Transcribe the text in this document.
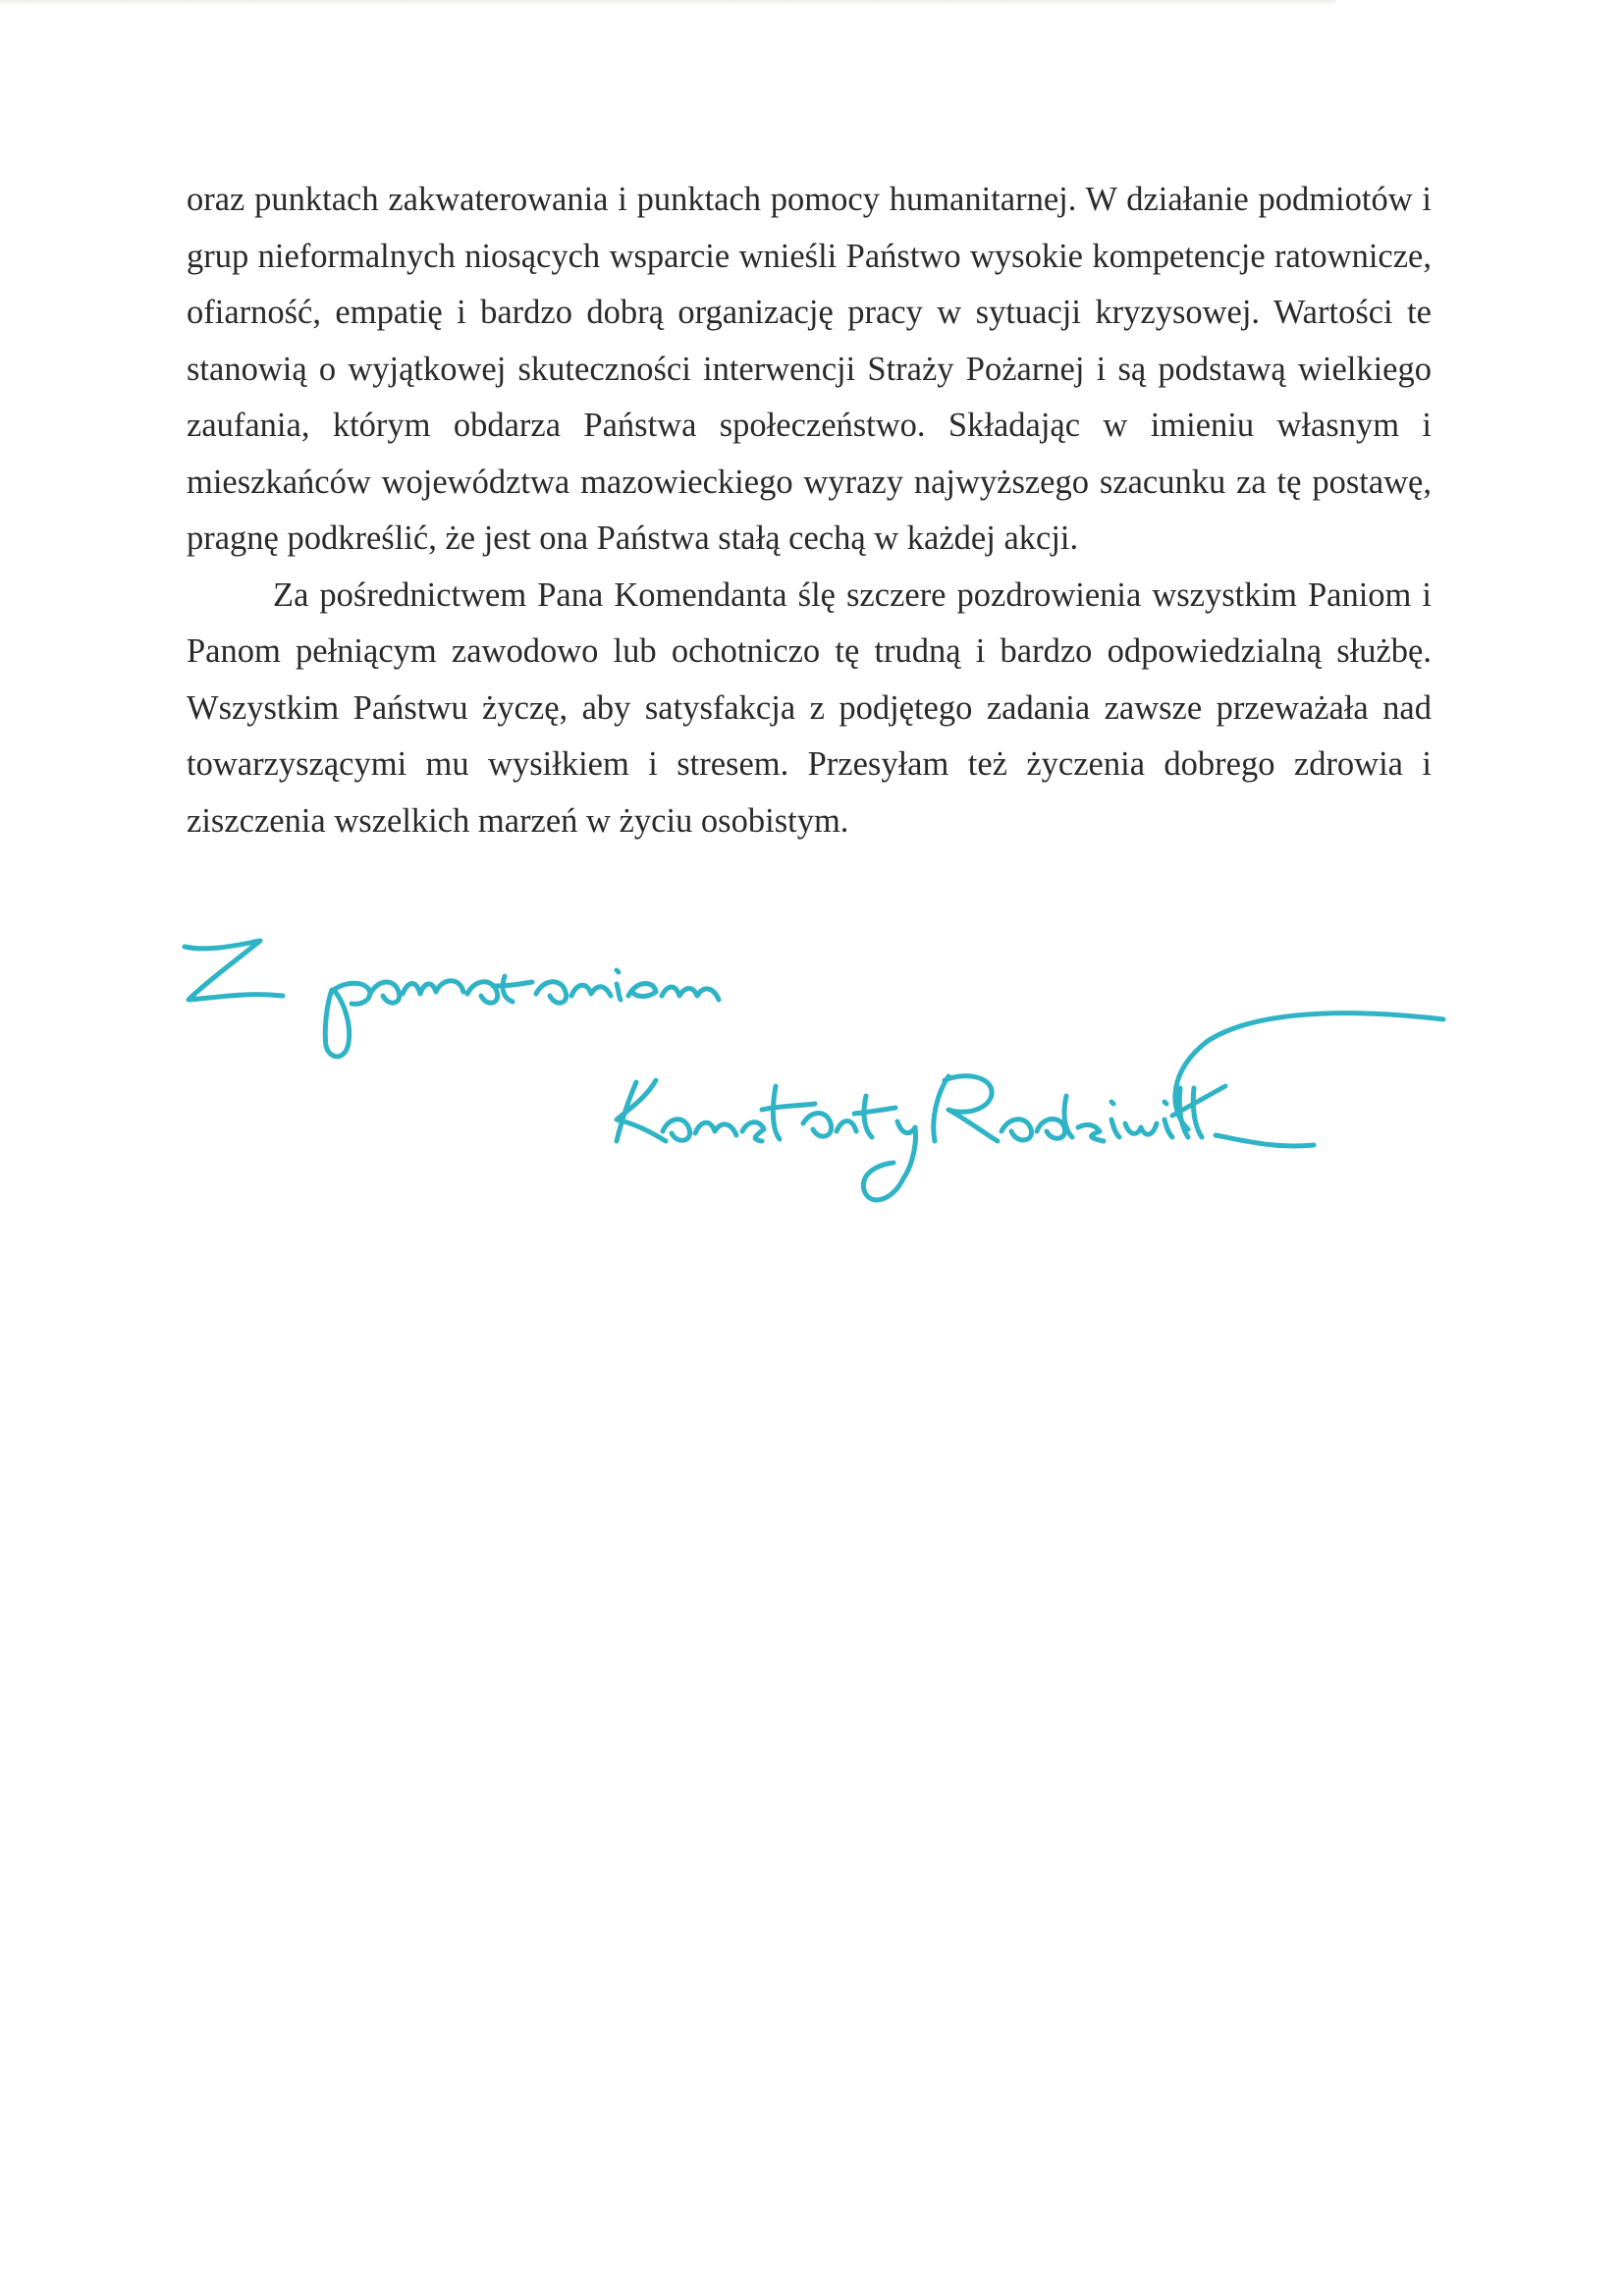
oraz punktach zakwaterowania i punktach pomocy humanitarnej. W działanie podmiotów i grup nieformalnych niosących wsparcie wnieśli Państwo wysokie kompetencje ratownicze, ofiarność, empatię i bardzo dobrą organizację pracy w sytuacji kryzysowej. Wartości te stanowią o wyjątkowej skuteczności interwencji Straży Pożarnej i są podstawą wielkiego zaufania, którym obdarza Państwa społeczeństwo. Składając w imieniu własnym i mieszkańców województwa mazowieckiego wyrazy najwyższego szacunku za tę postawę, pragnę podkreślić, że jest ona Państwa stałą cechą w każdej akcji.

Za pośrednictwem Pana Komendanta ślę szczere pozdrowienia wszystkim Paniom i Panom pełniącym zawodowo lub ochotniczo tę trudną i bardzo odpowiedzialną służbę. Wszystkim Państwu życzę, aby satysfakcja z podjętego zadania zawsze przeważała nad towarzyszącymi mu wysiłkiem i stresem. Przesyłam też życzenia dobrego zdrowia i ziszczenia wszelkich marzeń w życiu osobistym.
